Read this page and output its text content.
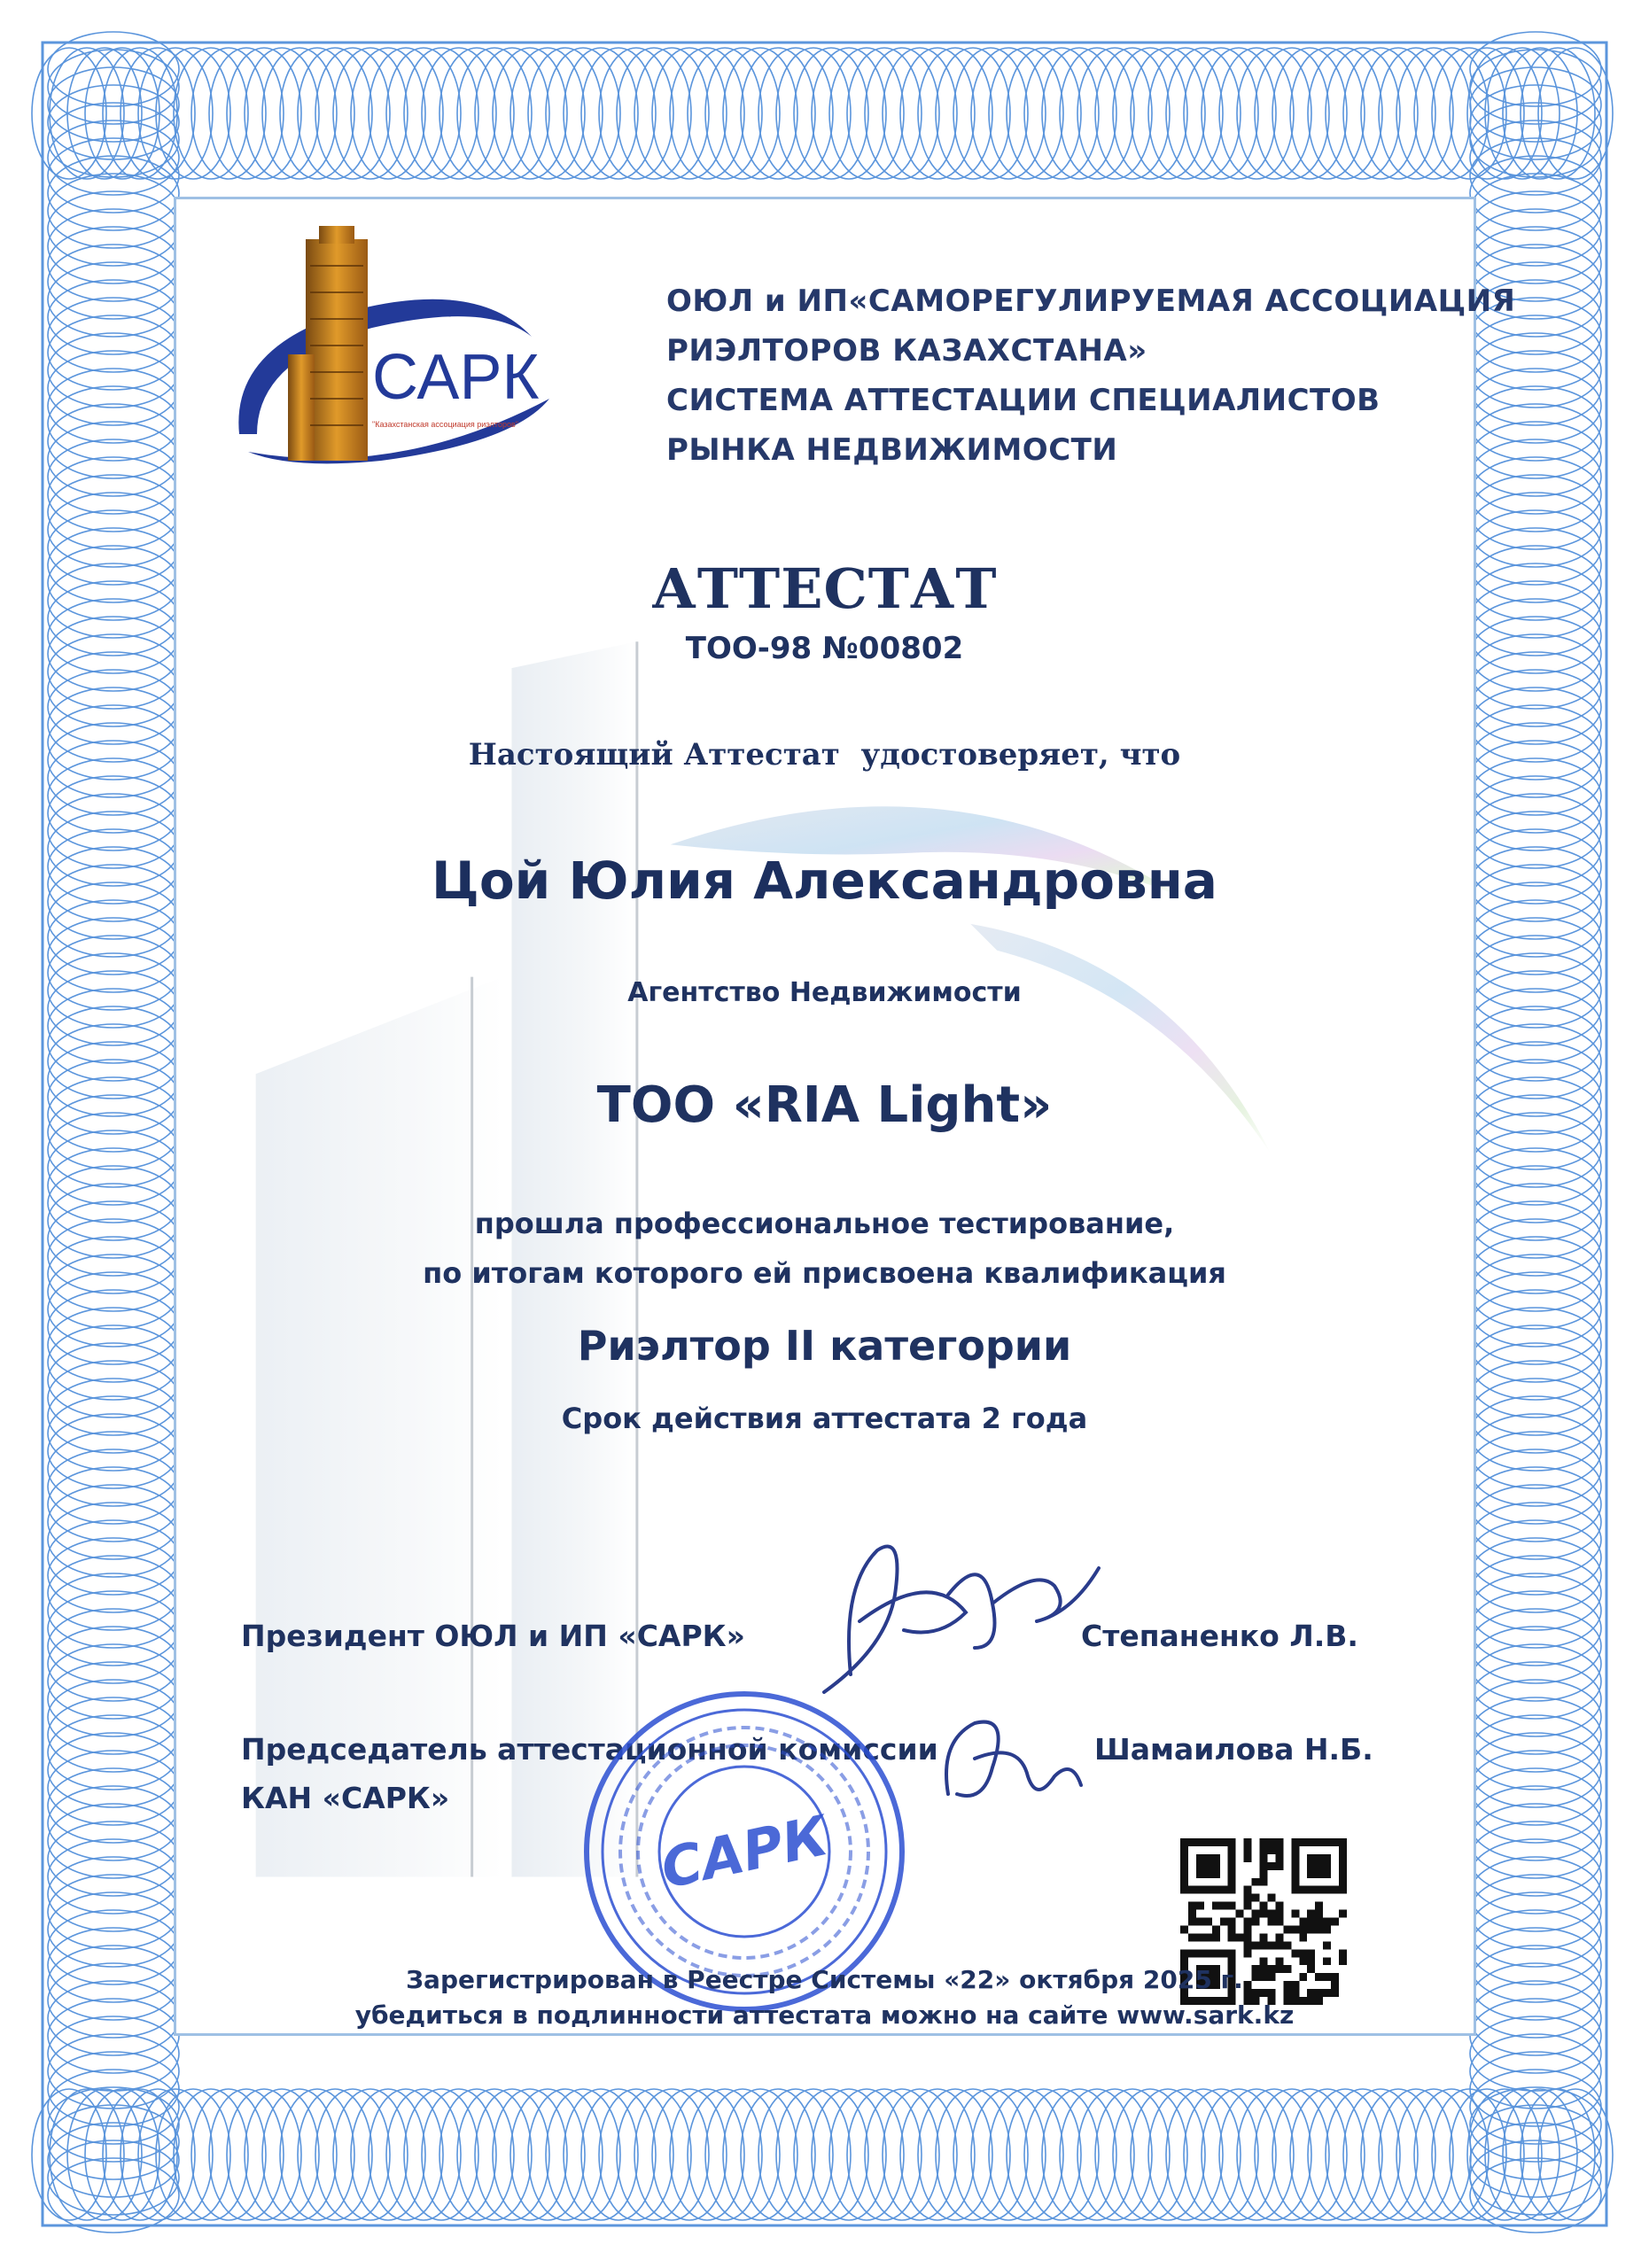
САРК
"Казахстанская ассоциация риэлторов"
ОЮЛ и ИП«САМОРЕГУЛИРУЕМАЯ АССОЦИАЦИЯ
РИЭЛТОРОВ КАЗАХСТАНА»
СИСТЕМА АТТЕСТАЦИИ СПЕЦИАЛИСТОВ
РЫНКА НЕДВИЖИМОСТИ
АТТЕСТАТ
ТОО-98 №00802
Настоящий Аттестат  удостоверяет, что
Цой Юлия Александровна
Агентство Недвижимости
ТОО «RIA Light»
прошла профессиональное тестирование,
по итогам которого ей присвоена квалификация
Риэлтор II категории
Срок действия аттестата 2 года
Президент ОЮЛ и ИП «САРК»	Степаненко Л.В.
Председатель аттестационной комиссии
КАН «САРК»
Шамаилова Н.Б.
САРК
Зарегистрирован в Реестре Системы «22» октября 2025 г.
убедиться в подлинности аттестата можно на сайте www.sark.kz
